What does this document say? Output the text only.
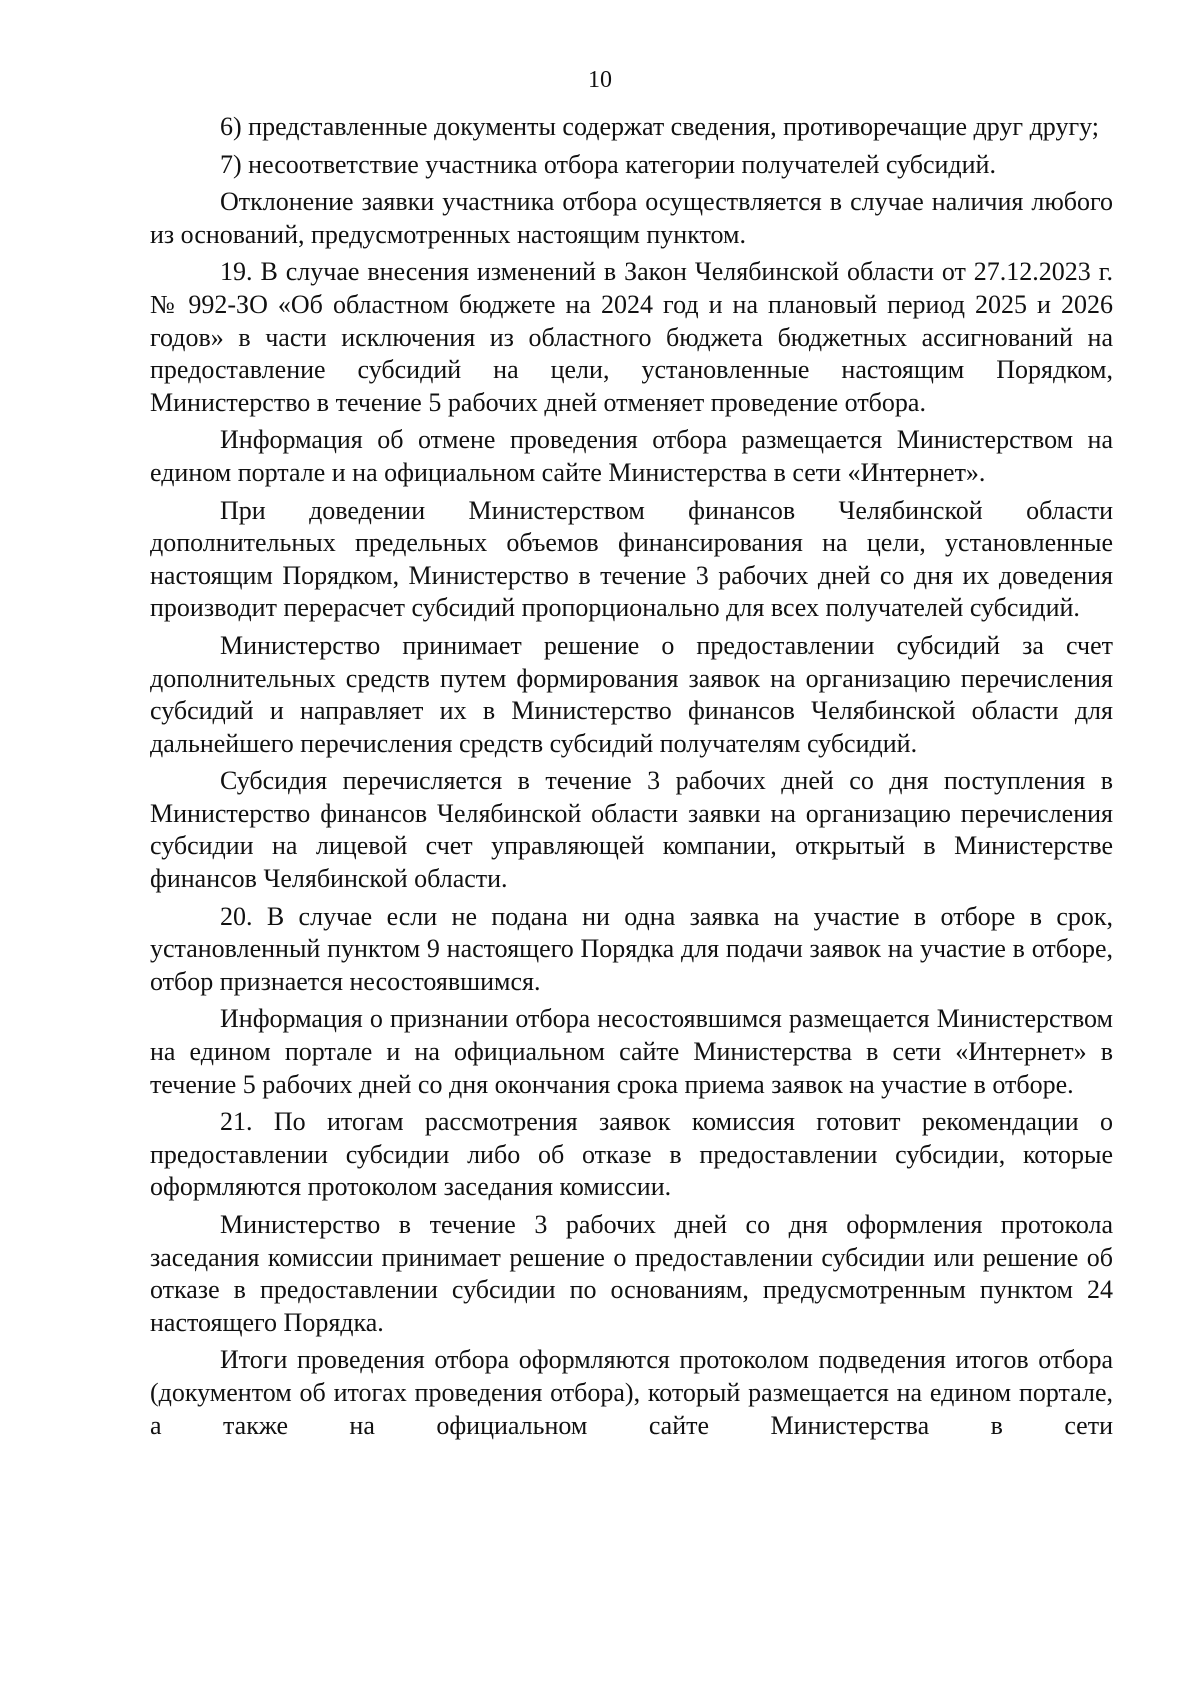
10

6) представленные документы содержат сведения, противоречащие друг другу;

7) несоответствие участника отбора категории получателей субсидий.

Отклонение заявки участника отбора осуществляется в случае наличия любого из оснований, предусмотренных настоящим пунктом.

19. В случае внесения изменений в Закон Челябинской области от 27.12.2023 г. № 992-ЗО «Об областном бюджете на 2024 год и на плановый период 2025 и 2026 годов» в части исключения из областного бюджета бюджетных ассигнований на предоставление субсидий на цели, установленные настоящим Порядком, Министерство в течение 5 рабочих дней отменяет проведение отбора.

Информация об отмене проведения отбора размещается Министерством на едином портале и на официальном сайте Министерства в сети «Интернет».

При доведении Министерством финансов Челябинской области дополнительных предельных объемов финансирования на цели, установленные настоящим Порядком, Министерство в течение 3 рабочих дней со дня их доведения производит перерасчет субсидий пропорционально для всех получателей субсидий.

Министерство принимает решение о предоставлении субсидий за счет дополнительных средств путем формирования заявок на организацию перечисления субсидий и направляет их в Министерство финансов Челябинской области для дальнейшего перечисления средств субсидий получателям субсидий.

Субсидия перечисляется в течение 3 рабочих дней со дня поступления в Министерство финансов Челябинской области заявки на организацию перечисления субсидии на лицевой счет управляющей компании, открытый в Министерстве финансов Челябинской области.

20. В случае если не подана ни одна заявка на участие в отборе в срок, установленный пунктом 9 настоящего Порядка для подачи заявок на участие в отборе, отбор признается несостоявшимся.

Информация о признании отбора несостоявшимся размещается Министерством на едином портале и на официальном сайте Министерства в сети «Интернет» в течение 5 рабочих дней со дня окончания срока приема заявок на участие в отборе.

21. По итогам рассмотрения заявок комиссия готовит рекомендации о предоставлении субсидии либо об отказе в предоставлении субсидии, которые оформляются протоколом заседания комиссии.

Министерство в течение 3 рабочих дней со дня оформления протокола заседания комиссии принимает решение о предоставлении субсидии или решение об отказе в предоставлении субсидии по основаниям, предусмотренным пунктом 24 настоящего Порядка.

Итоги проведения отбора оформляются протоколом подведения итогов отбора (документом об итогах проведения отбора), который размещается на едином портале, а также на официальном сайте Министерства в сети
